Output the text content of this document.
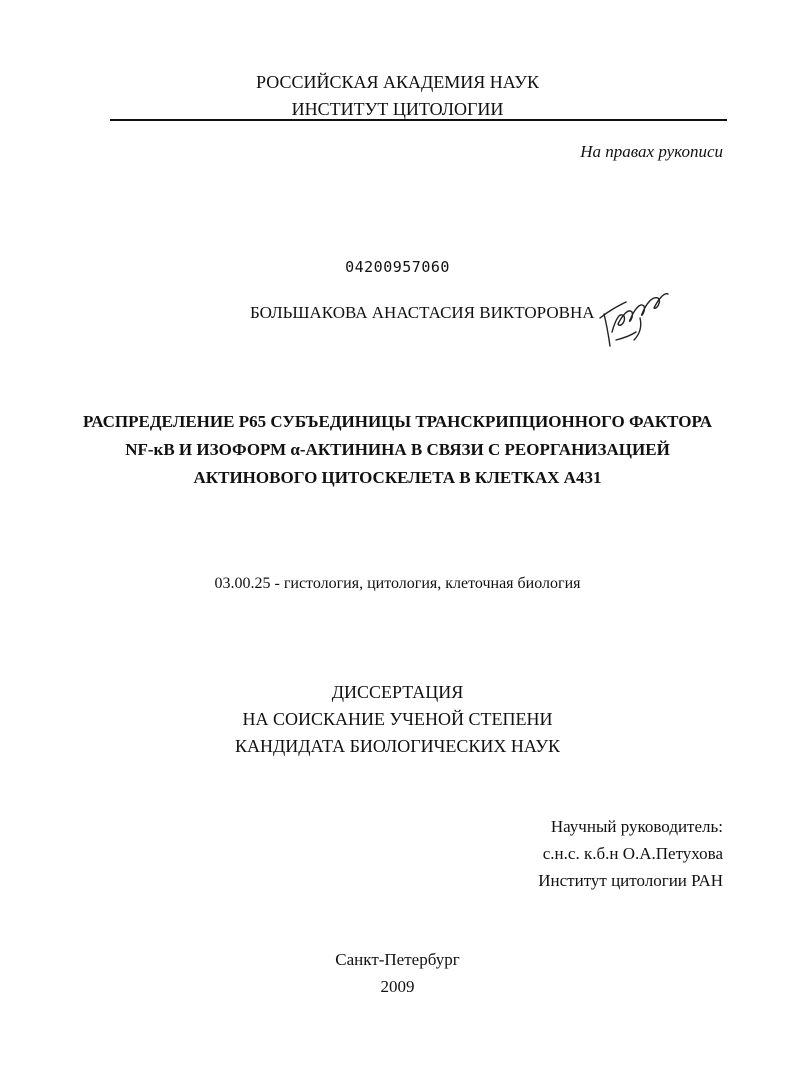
РОССИЙСКАЯ АКАДЕМИЯ НАУК
ИНСТИТУТ ЦИТОЛОГИИ
На правах рукописи
04200957060
БОЛЬШАКОВА АНАСТАСИЯ ВИКТОРОВНА
РАСПРЕДЕЛЕНИЕ Р65 СУБЪЕДИНИЦЫ ТРАНСКРИПЦИОННОГО ФАКТОРА
NF-кВ И ИЗОФОРМ α-АКТИНИНА В СВЯЗИ С РЕОРГАНИЗАЦИЕЙ
АКТИНОВОГО ЦИТОСКЕЛЕТА В КЛЕТКАХ А431
03.00.25 - гистология, цитология, клеточная биология
ДИССЕРТАЦИЯ
НА СОИСКАНИЕ УЧЕНОЙ СТЕПЕНИ
КАНДИДАТА БИОЛОГИЧЕСКИХ НАУК
Научный руководитель:
с.н.с. к.б.н О.А.Петухова
Институт цитологии РАН
Санкт-Петербург
2009
